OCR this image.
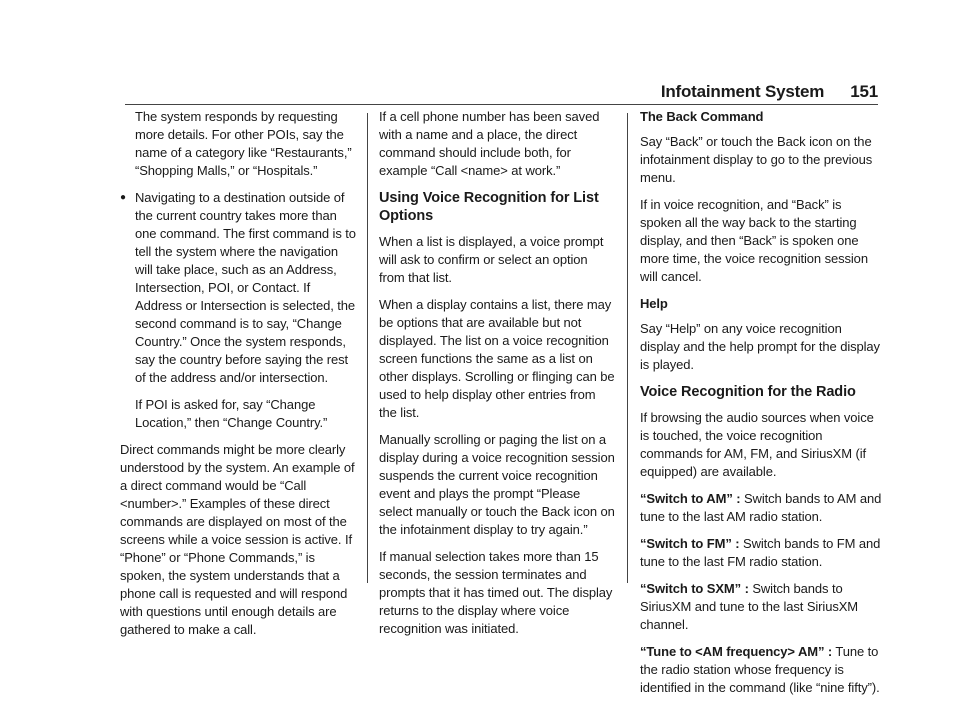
Infotainment System 151

The system responds by requesting more details. For other POIs, say the name of a category like “Restaurants,” “Shopping Malls,” or “Hospitals.”

● Navigating to a destination outside of the current country takes more than one command. The first command is to tell the system where the navigation will take place, such as an Address, Intersection, POI, or Contact. If Address or Intersection is selected, the second command is to say, “Change Country.” Once the system responds, say the country before saying the rest of the address and/or intersection.

If POI is asked for, say “Change Location,” then “Change Country.”

Direct commands might be more clearly understood by the system. An example of a direct command would be “Call <number>.” Examples of these direct commands are displayed on most of the screens while a voice session is active. If “Phone” or “Phone Commands,” is spoken, the system understands that a phone call is requested and will respond with questions until enough details are gathered to make a call.

If a cell phone number has been saved with a name and a place, the direct command should include both, for example “Call <name> at work.”

Using Voice Recognition for List Options

When a list is displayed, a voice prompt will ask to confirm or select an option from that list.

When a display contains a list, there may be options that are available but not displayed. The list on a voice recognition screen functions the same as a list on other displays. Scrolling or flinging can be used to help display other entries from the list.

Manually scrolling or paging the list on a display during a voice recognition session suspends the current voice recognition event and plays the prompt “Please select manually or touch the Back icon on the infotainment display to try again.”

If manual selection takes more than 15 seconds, the session terminates and prompts that it has timed out. The display returns to the display where voice recognition was initiated.

The Back Command

Say “Back” or touch the Back icon on the infotainment display to go to the previous menu.

If in voice recognition, and “Back” is spoken all the way back to the starting display, and then “Back” is spoken one more time, the voice recognition session will cancel.

Help

Say “Help” on any voice recognition display and the help prompt for the display is played.

Voice Recognition for the Radio

If browsing the audio sources when voice is touched, the voice recognition commands for AM, FM, and SiriusXM (if equipped) are available.

“Switch to AM” : Switch bands to AM and tune to the last AM radio station.

“Switch to FM” : Switch bands to FM and tune to the last FM radio station.

“Switch to SXM” : Switch bands to SiriusXM and tune to the last SiriusXM channel.

“Tune to <AM frequency> AM” : Tune to the radio station whose frequency is identified in the command (like “nine fifty”).
